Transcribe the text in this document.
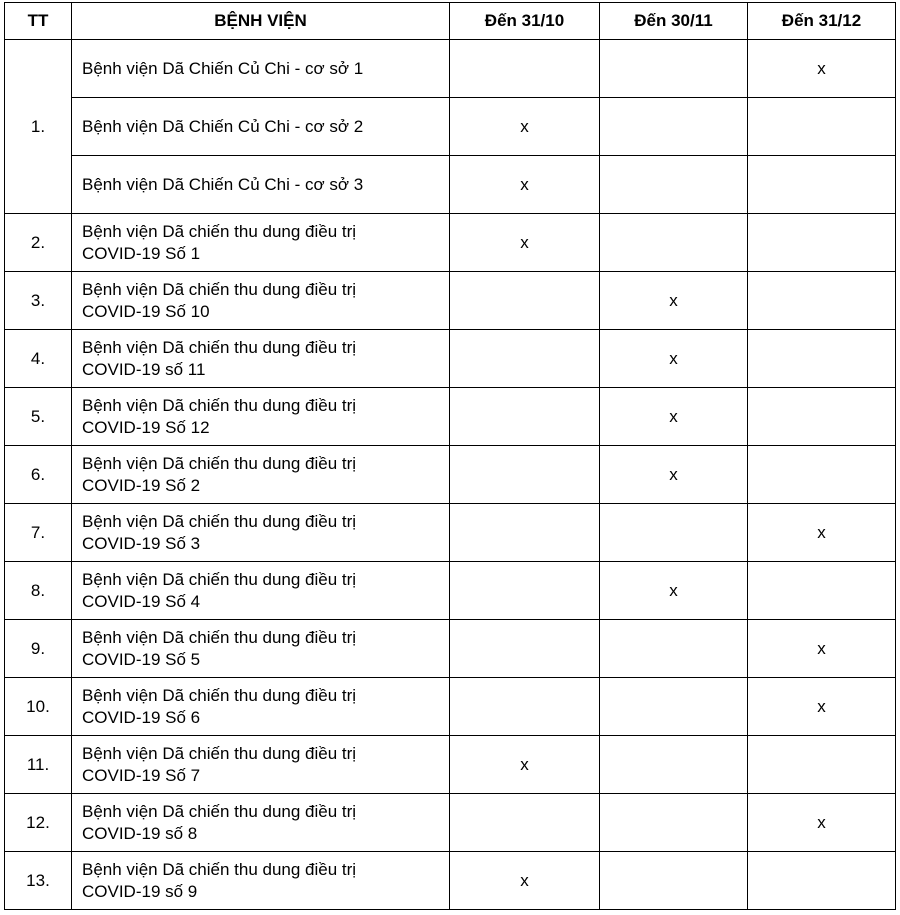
TT	BỆNH VIỆN	Đến 31/10	Đến 30/11	Đến 31/12
1.	Bệnh viện Dã Chiến Củ Chi - cơ sở 1			x
	Bệnh viện Dã Chiến Củ Chi - cơ sở 2	x		
	Bệnh viện Dã Chiến Củ Chi - cơ sở 3	x		
2.	Bệnh viện Dã chiến thu dung điều trị
COVID-19 Số 1	x		
3.	Bệnh viện Dã chiến thu dung điều trị
COVID-19 Số 10		x	
4.	Bệnh viện Dã chiến thu dung điều trị
COVID-19 số 11		x	
5.	Bệnh viện Dã chiến thu dung điều trị
COVID-19 Số 12		x	
6.	Bệnh viện Dã chiến thu dung điều trị
COVID-19 Số 2		x	
7.	Bệnh viện Dã chiến thu dung điều trị
COVID-19 Số 3			x
8.	Bệnh viện Dã chiến thu dung điều trị
COVID-19 Số 4		x	
9.	Bệnh viện Dã chiến thu dung điều trị
COVID-19 Số 5			x
10.	Bệnh viện Dã chiến thu dung điều trị
COVID-19 Số 6			x
11.	Bệnh viện Dã chiến thu dung điều trị
COVID-19 Số 7	x		
12.	Bệnh viện Dã chiến thu dung điều trị
COVID-19 số 8			x
13.	Bệnh viện Dã chiến thu dung điều trị
COVID-19 số 9	x		
